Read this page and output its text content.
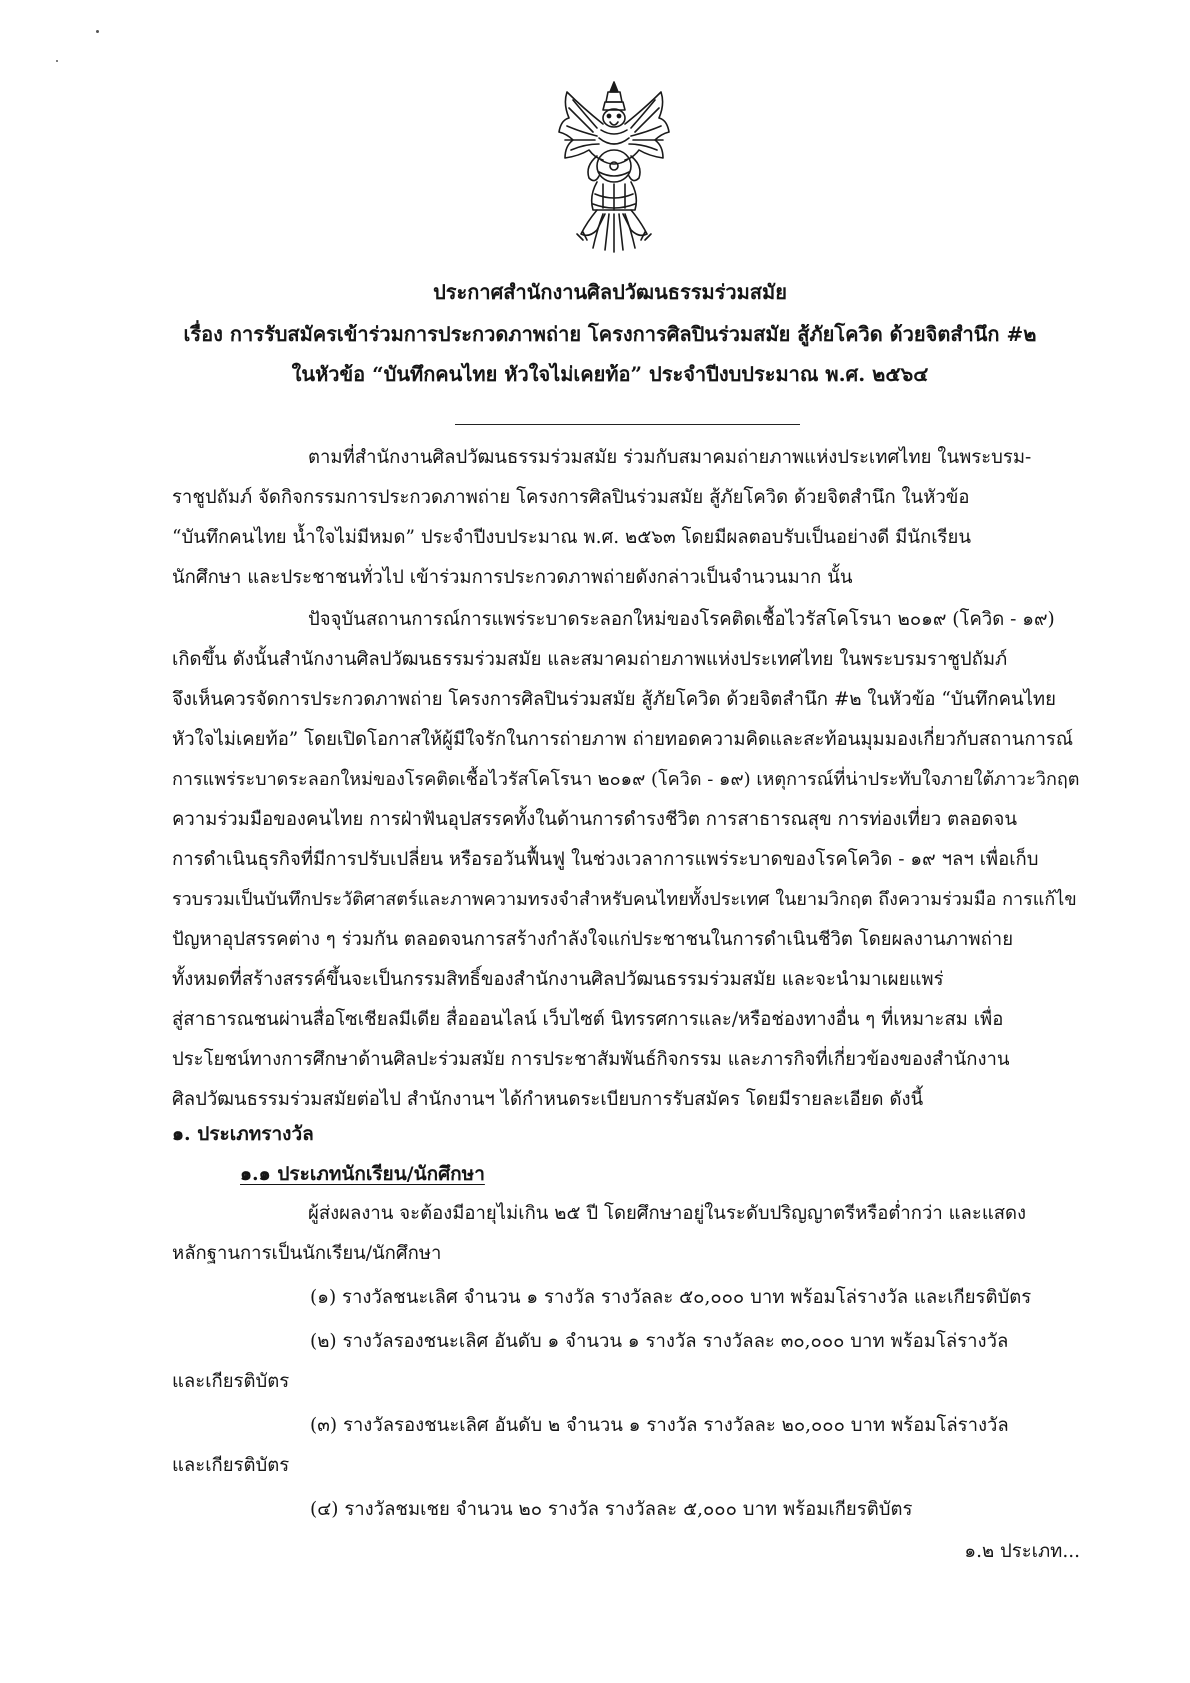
ประกาศสำนักงานศิลปวัฒนธรรมร่วมสมัย
เรื่อง การรับสมัครเข้าร่วมการประกวดภาพถ่าย โครงการศิลปินร่วมสมัย สู้ภัยโควิด ด้วยจิตสำนึก #๒
ในหัวข้อ “บันทึกคนไทย หัวใจไม่เคยท้อ” ประจำปีงบประมาณ พ.ศ. ๒๕๖๔

ตามที่สำนักงานศิลปวัฒนธรรมร่วมสมัย ร่วมกับสมาคมถ่ายภาพแห่งประเทศไทย ในพระบรม-
ราชูปถัมภ์ จัดกิจกรรมการประกวดภาพถ่าย โครงการศิลปินร่วมสมัย สู้ภัยโควิด ด้วยจิตสำนึก ในหัวข้อ
“บันทึกคนไทย น้ำใจไม่มีหมด” ประจำปีงบประมาณ พ.ศ. ๒๕๖๓ โดยมีผลตอบรับเป็นอย่างดี มีนักเรียน
นักศึกษา และประชาชนทั่วไป เข้าร่วมการประกวดภาพถ่ายดังกล่าวเป็นจำนวนมาก นั้น

ปัจจุบันสถานการณ์การแพร่ระบาดระลอกใหม่ของโรคติดเชื้อไวรัสโคโรนา ๒๐๑๙ (โควิด - ๑๙)
เกิดขึ้น ดังนั้นสำนักงานศิลปวัฒนธรรมร่วมสมัย และสมาคมถ่ายภาพแห่งประเทศไทย ในพระบรมราชูปถัมภ์
จึงเห็นควรจัดการประกวดภาพถ่าย โครงการศิลปินร่วมสมัย สู้ภัยโควิด ด้วยจิตสำนึก #๒ ในหัวข้อ “บันทึกคนไทย
หัวใจไม่เคยท้อ” โดยเปิดโอกาสให้ผู้มีใจรักในการถ่ายภาพ ถ่ายทอดความคิดและสะท้อนมุมมองเกี่ยวกับสถานการณ์
การแพร่ระบาดระลอกใหม่ของโรคติดเชื้อไวรัสโคโรนา ๒๐๑๙ (โควิด - ๑๙) เหตุการณ์ที่น่าประทับใจภายใต้ภาวะวิกฤต
ความร่วมมือของคนไทย การฝ่าฟันอุปสรรคทั้งในด้านการดำรงชีวิต การสาธารณสุข การท่องเที่ยว ตลอดจน
การดำเนินธุรกิจที่มีการปรับเปลี่ยน หรือรอวันฟื้นฟู ในช่วงเวลาการแพร่ระบาดของโรคโควิด - ๑๙ ฯลฯ เพื่อเก็บ
รวบรวมเป็นบันทึกประวัติศาสตร์และภาพความทรงจำสำหรับคนไทยทั้งประเทศ ในยามวิกฤต ถึงความร่วมมือ การแก้ไข
ปัญหาอุปสรรคต่าง ๆ ร่วมกัน ตลอดจนการสร้างกำลังใจแก่ประชาชนในการดำเนินชีวิต โดยผลงานภาพถ่าย
ทั้งหมดที่สร้างสรรค์ขึ้นจะเป็นกรรมสิทธิ์ของสำนักงานศิลปวัฒนธรรมร่วมสมัย และจะนำมาเผยแพร่
สู่สาธารณชนผ่านสื่อโซเชียลมีเดีย สื่อออนไลน์ เว็บไซต์ นิทรรศการและ/หรือช่องทางอื่น ๆ ที่เหมาะสม เพื่อ
ประโยชน์ทางการศึกษาด้านศิลปะร่วมสมัย การประชาสัมพันธ์กิจกรรม และภารกิจที่เกี่ยวข้องของสำนักงาน
ศิลปวัฒนธรรมร่วมสมัยต่อไป สำนักงานฯ ได้กำหนดระเบียบการรับสมัคร โดยมีรายละเอียด ดังนี้

๑. ประเภทรางวัล
๑.๑ ประเภทนักเรียน/นักศึกษา
ผู้ส่งผลงาน จะต้องมีอายุไม่เกิน ๒๕ ปี โดยศึกษาอยู่ในระดับปริญญาตรีหรือต่ำกว่า และแสดง
หลักฐานการเป็นนักเรียน/นักศึกษา
(๑) รางวัลชนะเลิศ จำนวน ๑ รางวัล รางวัลละ ๕๐,๐๐๐ บาท พร้อมโล่รางวัล และเกียรติบัตร
(๒) รางวัลรองชนะเลิศ อันดับ ๑ จำนวน ๑ รางวัล รางวัลละ ๓๐,๐๐๐ บาท พร้อมโล่รางวัล
และเกียรติบัตร
(๓) รางวัลรองชนะเลิศ อันดับ ๒ จำนวน ๑ รางวัล รางวัลละ ๒๐,๐๐๐ บาท พร้อมโล่รางวัล
และเกียรติบัตร
(๔) รางวัลชมเชย จำนวน ๒๐ รางวัล รางวัลละ ๕,๐๐๐ บาท พร้อมเกียรติบัตร
๑.๒ ประเภท...
